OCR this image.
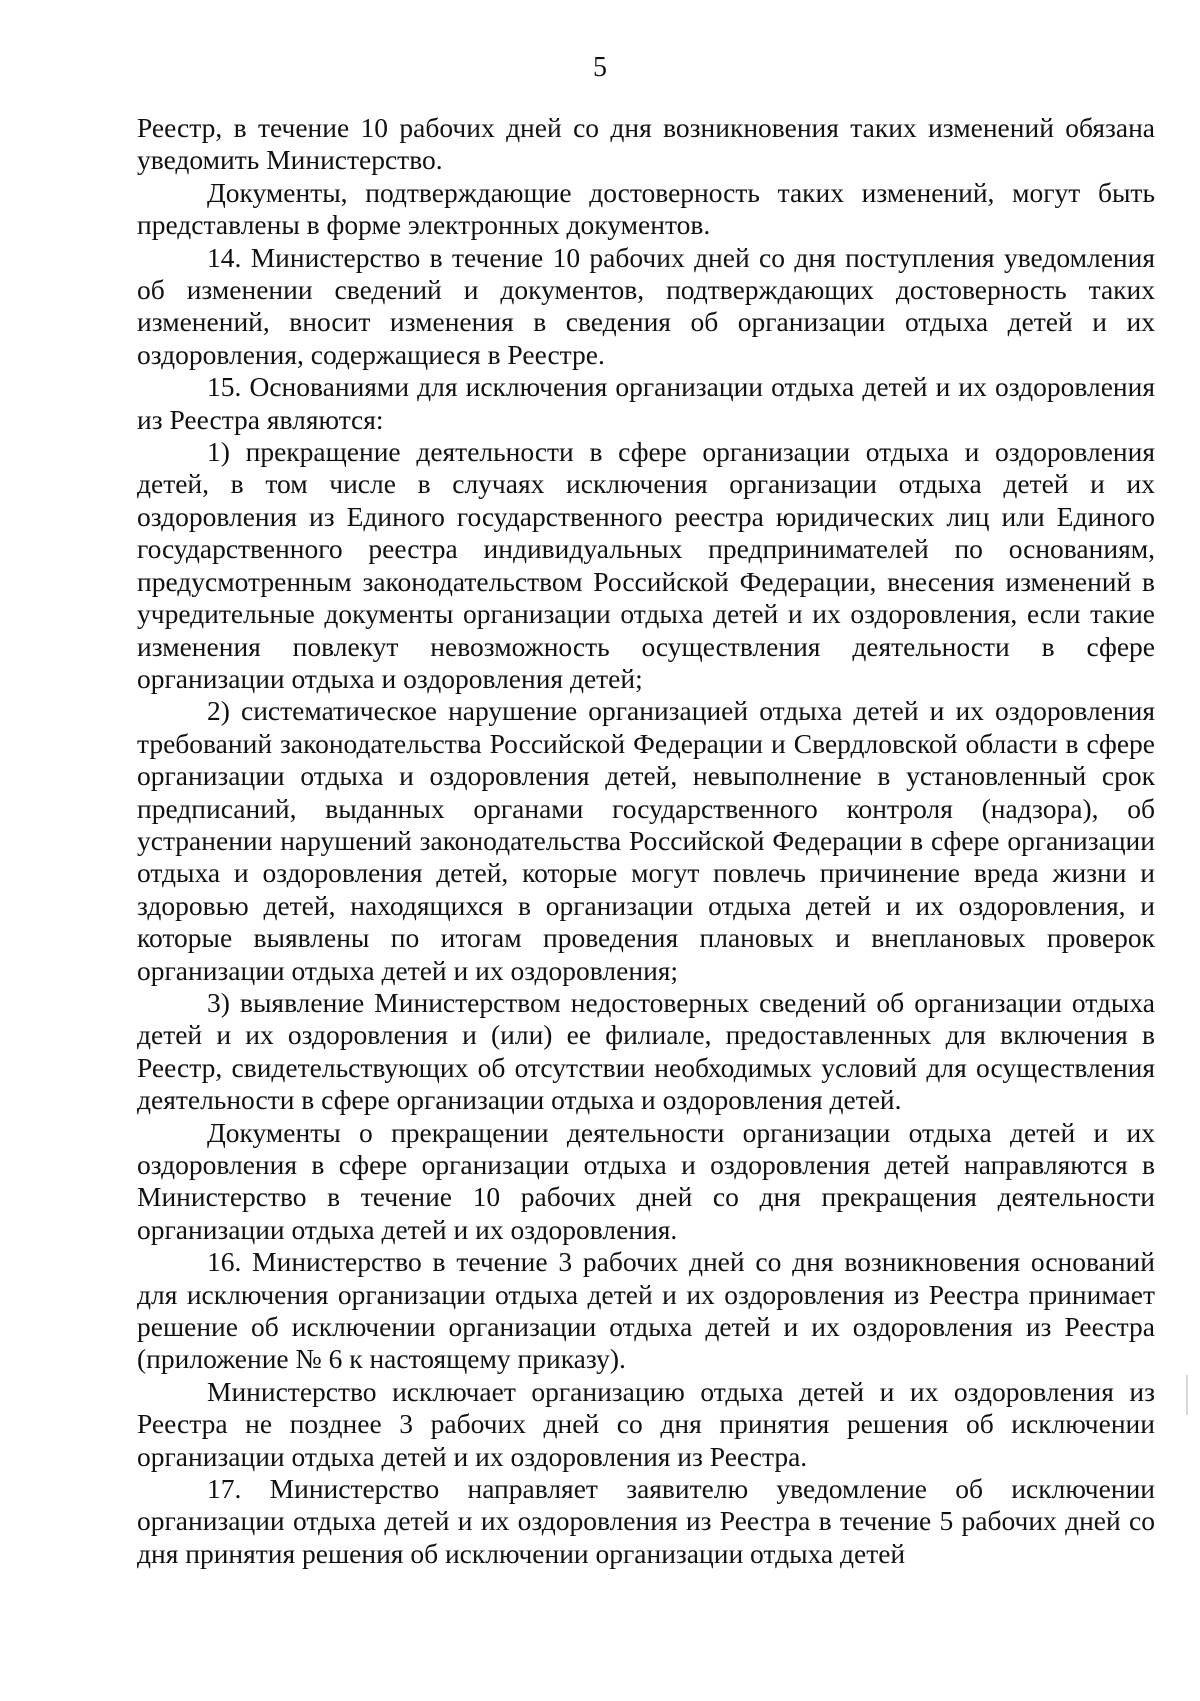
5

Реестр, в течение 10 рабочих дней со дня возникновения таких изменений обязана уведомить Министерство.

Документы, подтверждающие достоверность таких изменений, могут быть представлены в форме электронных документов.

14. Министерство в течение 10 рабочих дней со дня поступления уведомления об изменении сведений и документов, подтверждающих достоверность таких изменений, вносит изменения в сведения об организации отдыха детей и их оздоровления, содержащиеся в Реестре.

15. Основаниями для исключения организации отдыха детей и их оздоровления из Реестра являются:

1) прекращение деятельности в сфере организации отдыха и оздоровления детей, в том числе в случаях исключения организации отдыха детей и их оздоровления из Единого государственного реестра юридических лиц или Единого государственного реестра индивидуальных предпринимателей по основаниям, предусмотренным законодательством Российской Федерации, внесения изменений в учредительные документы организации отдыха детей и их оздоровления, если такие изменения повлекут невозможность осуществления деятельности в сфере организации отдыха и оздоровления детей;

2) систематическое нарушение организацией отдыха детей и их оздоровления требований законодательства Российской Федерации и Свердловской области в сфере организации отдыха и оздоровления детей, невыполнение в установленный срок предписаний, выданных органами государственного контроля (надзора), об устранении нарушений законодательства Российской Федерации в сфере организации отдыха и оздоровления детей, которые могут повлечь причинение вреда жизни и здоровью детей, находящихся в организации отдыха детей и их оздоровления, и которые выявлены по итогам проведения плановых и внеплановых проверок организации отдыха детей и их оздоровления;

3) выявление Министерством недостоверных сведений об организации отдыха детей и их оздоровления и (или) ее филиале, предоставленных для включения в Реестр, свидетельствующих об отсутствии необходимых условий для осуществления деятельности в сфере организации отдыха и оздоровления детей.

Документы о прекращении деятельности организации отдыха детей и их оздоровления в сфере организации отдыха и оздоровления детей направляются в Министерство в течение 10 рабочих дней со дня прекращения деятельности организации отдыха детей и их оздоровления.

16. Министерство в течение 3 рабочих дней со дня возникновения оснований для исключения организации отдыха детей и их оздоровления из Реестра принимает решение об исключении организации отдыха детей и их оздоровления из Реестра (приложение № 6 к настоящему приказу).

Министерство исключает организацию отдыха детей и их оздоровления из Реестра не позднее 3 рабочих дней со дня принятия решения об исключении организации отдыха детей и их оздоровления из Реестра.

17. Министерство направляет заявителю уведомление об исключении организации отдыха детей и их оздоровления из Реестра в течение 5 рабочих дней со дня принятия решения об исключении организации отдыха детей
